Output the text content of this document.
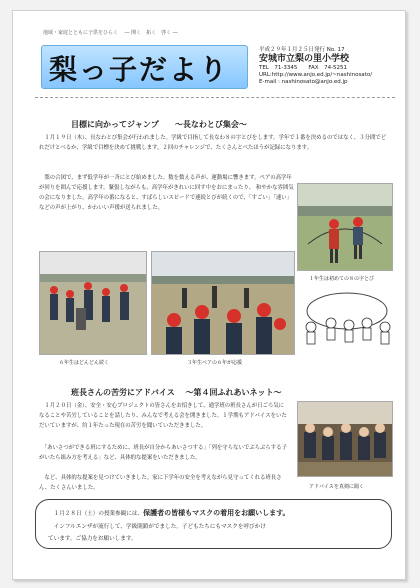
地域・家庭とともに子供をひらく 　― 開く　拓く　啓く ―
梨っ子だより
平成２９年１月２５日発行 No. 17
安城市立梨の里小学校
TEL　71-3345　　FAX　74-5251
URL:http://www.anjo.ed.jp/~nashinosato/
E-mail : nashinosato@anjo.ed.jp
目標に向かってジャンプ　　～長なわとび集会～
　１月１９日（木）、長なわとび集会が行われました。学級で目指して長なわ８の字とびをします。学年で１番を決めるのではなく、３分間でどれだけとべるか、学級で目標を決めて挑戦します。２回のチャレンジで、たくさんとべたほうが記録になります。
　梨の合図で、まず低学年が一斉にとび始めました。数を数える声が、運動場に響きます。ペアの高学年が回りを囲んで応援します。緊張しながらも、高学年がきれいに回す中をおにまったり、 和やかな雰囲気の会になりました。高学年の番になると、すばらしいスピードで連続とびが続くので、「すごい」「速い」などの声が上がり、かわいい声援が送られました。
１年生は初めての８の字とび
６年生はどんどん続く	３年生ペアの６年が応援
班長さんの苦労にアドバイス　 ～第４回ふれあいネット～
　１月２０日（金）、安全・安心プロジェクトの皆さんをお招きして、通学班の班長さんが日ごろ気になることや苦労していることを話したり、みんなで考える会を開きました。１学期もアドバイスをいただいていますが、約１年たった現在の苦労を聞いていただきました。
　「あいさつができる班にするために、班長が自分からあいさつする」「列を守らないでぶらぶらする子がいたら組み方を考える」など、具体的な提案をいただきました。
　など、具体的な提案を見つけていきました。家に下学年の安全を考えながら見守ってくれる班長さん、たくさんいました。	アドバイスを真剣に聞く

　１月２８日（土）の授業参観には、保護者の皆様もマスクの着用をお願いします。

　インフルエンザが流行して、学級閉鎖がでました。子どもたちにもマスクを呼びかけ

ています。ご協力をお願いします。
